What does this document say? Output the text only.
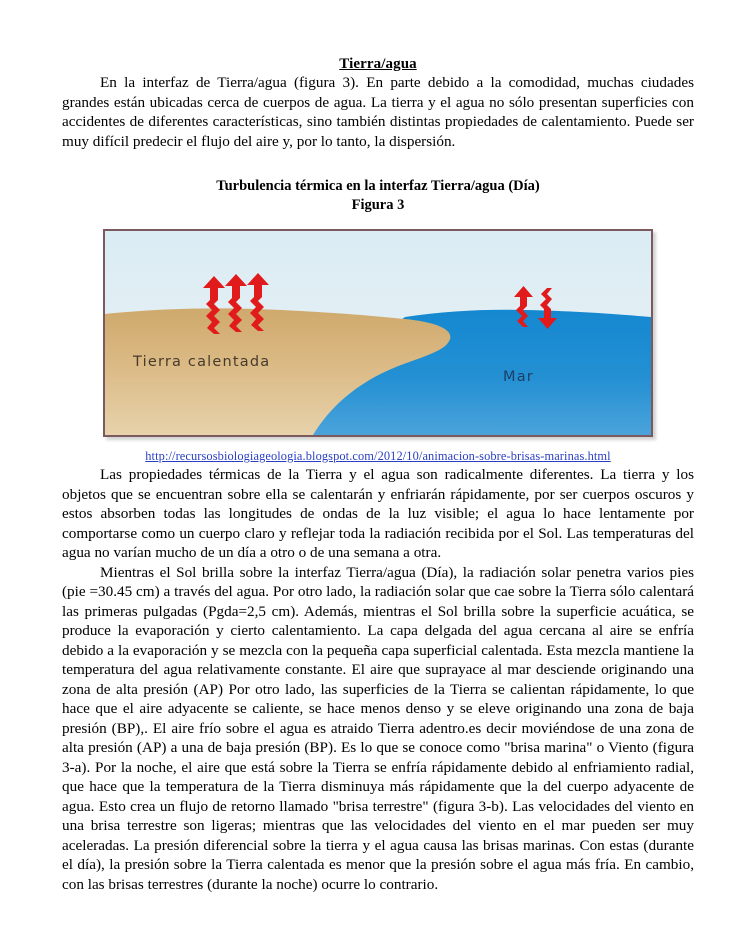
Tierra/agua

En la interfaz de Tierra/agua (figura 3). En parte debido a la comodidad, muchas ciudades grandes están ubicadas cerca de cuerpos de agua. La tierra y el agua no sólo presentan superficies con accidentes de diferentes características, sino también distintas propiedades de calentamiento. Puede ser muy difícil predecir el flujo del aire y, por lo tanto, la dispersión.

Turbulencia térmica en la interfaz Tierra/agua (Día)
Figura 3
Tierra calentada
Mar
http://recursosbiologiageologia.blogspot.com/2012/10/animacion-sobre-brisas-marinas.html

Las propiedades térmicas de la Tierra y el agua son radicalmente diferentes. La tierra y los objetos que se encuentran sobre ella se calentarán y enfriarán rápidamente, por ser cuerpos oscuros y estos absorben todas las longitudes de ondas de la luz visible; el agua lo hace lentamente por comportarse como un cuerpo claro y reflejar toda la radiación recibida por el Sol. Las temperaturas del agua no varían mucho de un día a otro o de una semana a otra.

Mientras el Sol brilla sobre la interfaz Tierra/agua (Día), la radiación solar penetra varios pies (pie =30.45 cm) a través del agua. Por otro lado, la radiación solar que cae sobre la Tierra sólo calentará las primeras pulgadas (Pgda=2,5 cm). Además, mientras el Sol brilla sobre la superficie acuática, se produce la evaporación y cierto calentamiento. La capa delgada del agua cercana al aire se enfría debido a la evaporación y se mezcla con la pequeña capa superficial calentada. Esta mezcla mantiene la temperatura del agua relativamente constante. El aire que suprayace al mar desciende originando una zona de alta presión (AP) Por otro lado, las superficies de la Tierra se calientan rápidamente, lo que hace que el aire adyacente se caliente, se hace menos denso y se eleve originando una zona de baja presión (BP),. El aire frío sobre el agua es atraido Tierra adentro.es decir moviéndose de una zona de alta presión (AP) a una de baja presión (BP). Es lo que se conoce como "brisa marina" o Viento (figura 3-a). Por la noche, el aire que está sobre la Tierra se enfría rápidamente debido al enfriamiento radial, que hace que la temperatura de la Tierra disminuya más rápidamente que la del cuerpo adyacente de agua. Esto crea un flujo de retorno llamado "brisa terrestre" (figura 3-b). Las velocidades del viento en una brisa terrestre son ligeras; mientras que las velocidades del viento en el mar pueden ser muy aceleradas. La presión diferencial sobre la tierra y el agua causa las brisas marinas. Con estas (durante el día), la presión sobre la Tierra calentada es menor que la presión sobre el agua más fría. En cambio, con las brisas terrestres (durante la noche) ocurre lo contrario.
